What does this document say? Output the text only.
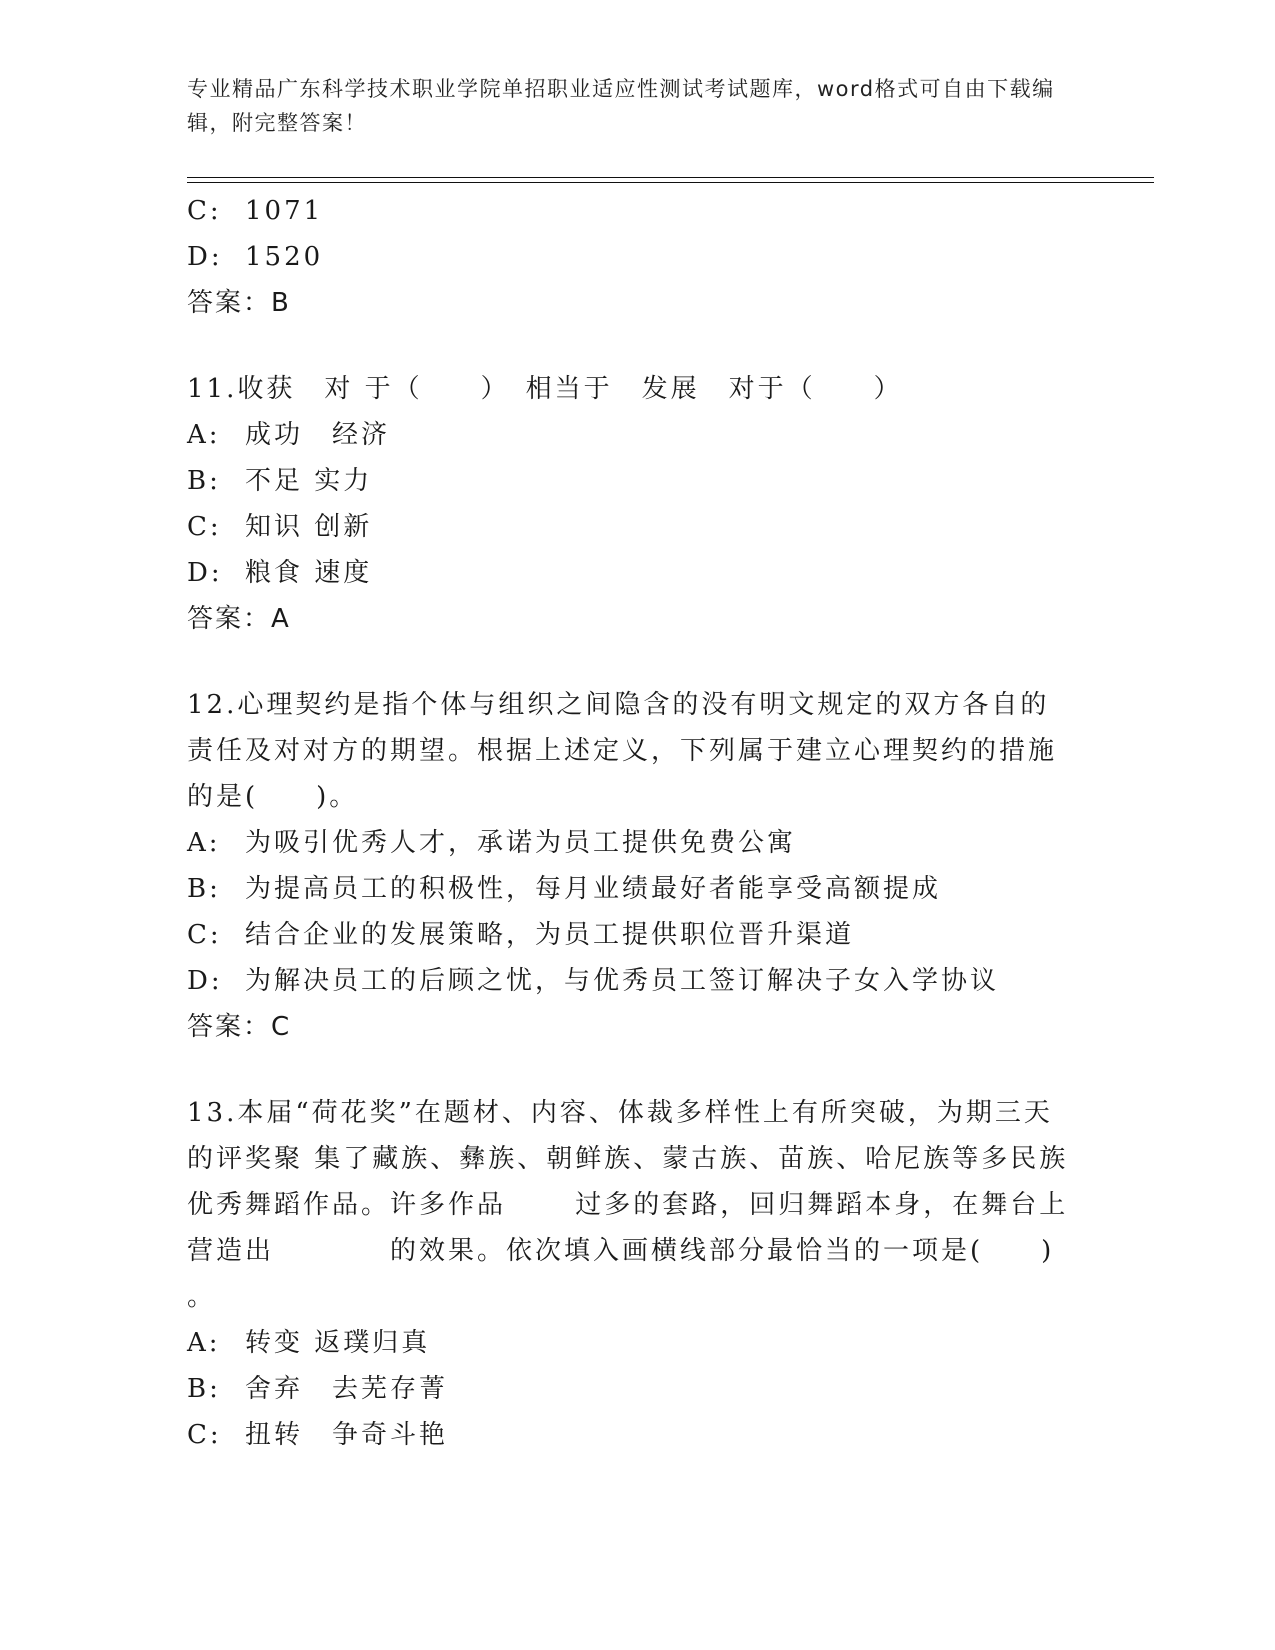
专业精品广东科学技术职业学院单招职业适应性测试考试题库，word格式可自由下载编辑，附完整答案！

C: 1071

D: 1520

答案：B

11.收获　对 于（　　）　相当于　发展　对于（　　）

A: 成功　经济

B: 不足 实力

C: 知识 创新

D: 粮食 速度

答案：A

12.心理契约是指个体与组织之间隐含的没有明文规定的双方各自的责任及对对方的期望。根据上述定义，下列属于建立心理契约的措施的是(　　)。

A: 为吸引优秀人才，承诺为员工提供免费公寓

B: 为提高员工的积极性，每月业绩最好者能享受高额提成

C: 结合企业的发展策略，为员工提供职位晋升渠道

D: 为解决员工的后顾之忧，与优秀员工签订解决子女入学协议

答案：C

13.本届“荷花奖”在题材、内容、体裁多样性上有所突破，为期三天

的评奖聚 集了藏族、彝族、朝鲜族、蒙古族、苗族、哈尼族等多民族

优秀舞蹈作品。许多作品　　 过多的套路，回归舞蹈本身，在舞台上

营造出　　　　的效果。依次填入画横线部分最恰当的一项是(　　)

。

A: 转变 返璞归真

B: 舍弃　去芜存菁

C: 扭转　争奇斗艳
